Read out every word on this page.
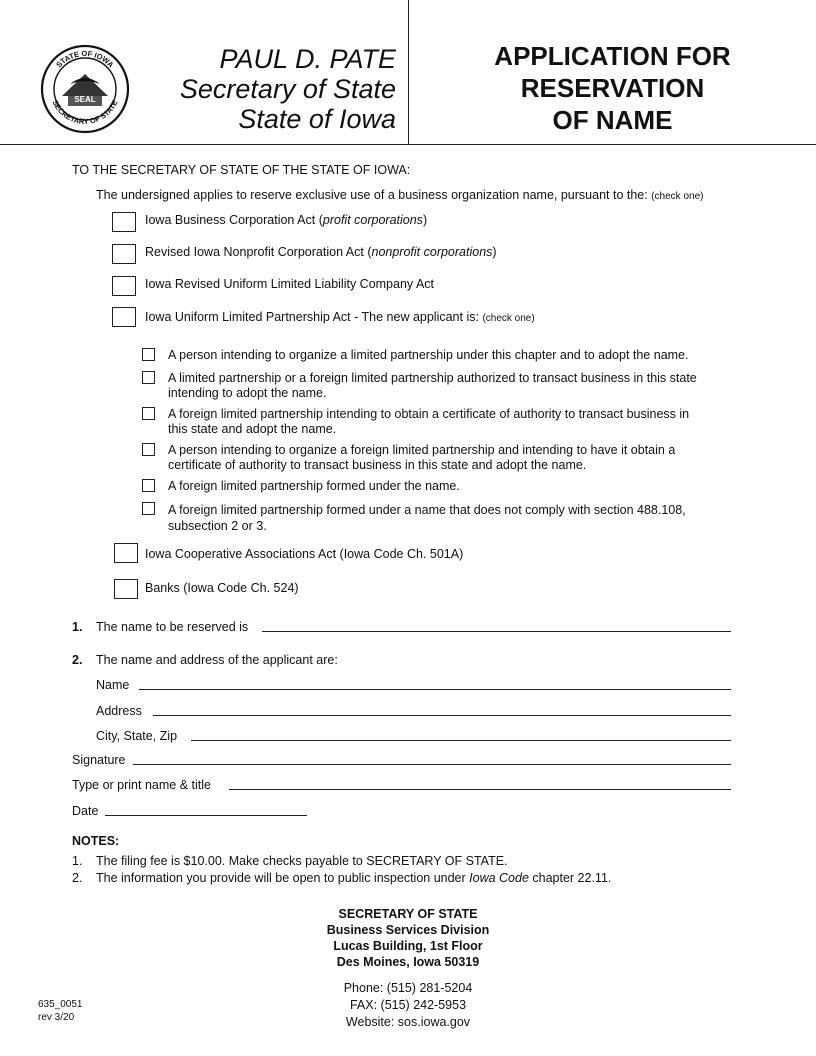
SEAL
STATE OF IOWA
SECRETARY OF STATE
PAUL D. PATE
Secretary of State
State of Iowa
APPLICATION FOR
RESERVATION
OF NAME
TO THE SECRETARY OF STATE OF THE STATE OF IOWA:
The undersigned applies to reserve exclusive use of a business organization name, pursuant to the: (check one)
Iowa Business Corporation Act (profit corporations)
Revised Iowa Nonprofit Corporation Act (nonprofit corporations)
Iowa Revised Uniform Limited Liability Company Act
Iowa Uniform Limited Partnership Act - The new applicant is: (check one)
A person intending to organize a limited partnership under this chapter and to adopt the name.
A limited partnership or a foreign limited partnership authorized to transact business in this state
intending to adopt the name.
A foreign limited partnership intending to obtain a certificate of authority to transact business in
this state and adopt the name.
A person intending to organize a foreign limited partnership and intending to have it obtain a
certificate of authority to transact business in this state and adopt the name.
A foreign limited partnership formed under the name.
A foreign limited partnership formed under a name that does not comply with section 488.108,
subsection 2 or 3.
Iowa Cooperative Associations Act (Iowa Code Ch. 501A)
Banks (Iowa Code Ch. 524)
1. The name to be reserved is
2. The name and address of the applicant are:
Name
Address
City, State, Zip
Signature
Type or print name & title
Date
NOTES:
1. The filing fee is $10.00. Make checks payable to SECRETARY OF STATE.
2. The information you provide will be open to public inspection under Iowa Code chapter 22.11.
SECRETARY OF STATE
Business Services Division
Lucas Building, 1st Floor
Des Moines, Iowa 50319
Phone: (515) 281-5204
FAX: (515) 242-5953
Website: sos.iowa.gov
635_0051
rev 3/20
